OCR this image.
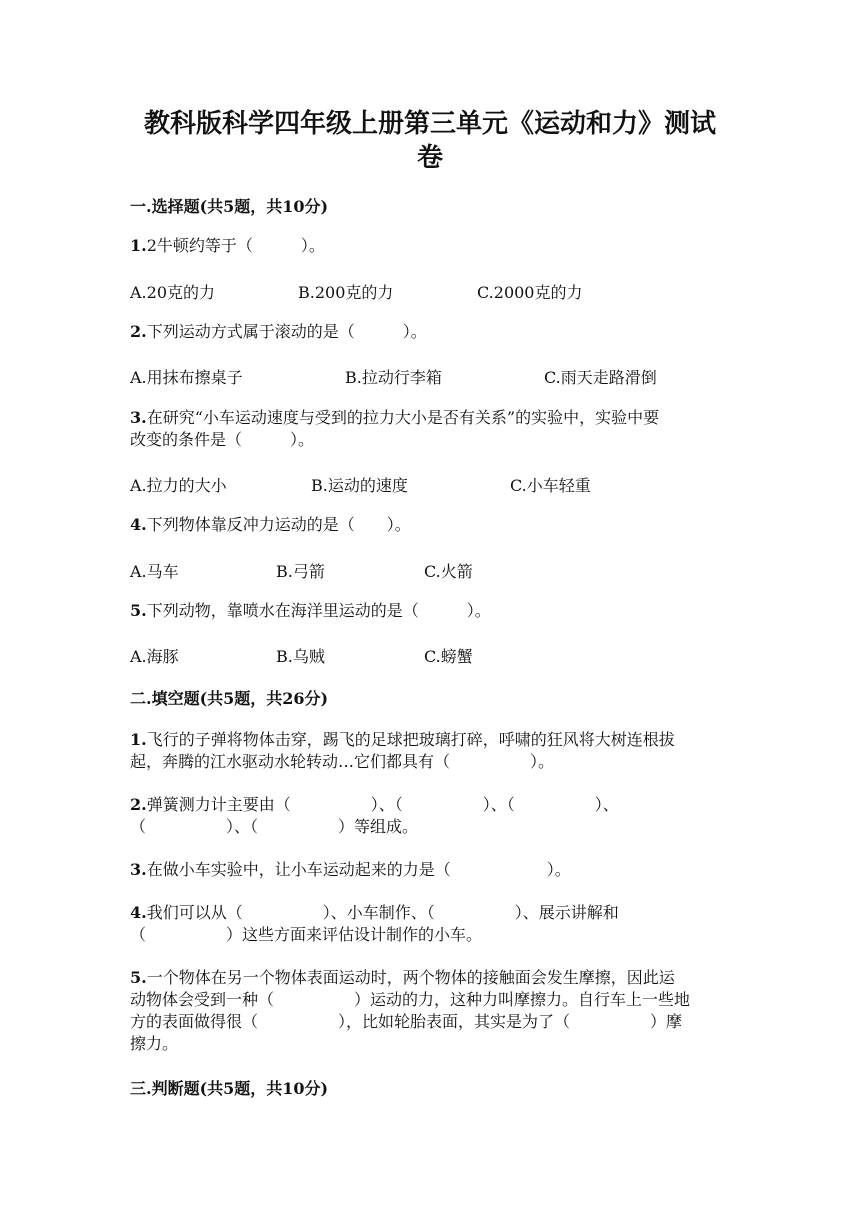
教科版科学四年级上册第三单元《运动和力》测试
卷
一.选择题(共5题，共10分)
1.2牛顿约等于（　　　）。
A.20克的力	B.200克的力	C.2000克的力
2.下列运动方式属于滚动的是（　　　）。
A.用抹布擦桌子	B.拉动行李箱	C.雨天走路滑倒
3.在研究“小车运动速度与受到的拉力大小是否有关系”的实验中，实验中要
改变的条件是（　　　）。
A.拉力的大小	B.运动的速度	C.小车轻重
4.下列物体靠反冲力运动的是（　　）。
A.马车	B.弓箭	C.火箭
5.下列动物，靠喷水在海洋里运动的是（　　　）。
A.海豚	B.乌贼	C.螃蟹
二.填空题(共5题，共26分)
1.飞行的子弹将物体击穿，踢飞的足球把玻璃打碎，呼啸的狂风将大树连根拔
起，奔腾的江水驱动水轮转动…它们都具有（　　　　　）。
2.弹簧测力计主要由（　　　　　）、（　　　　　）、（　　　　　）、
（　　　　　）、（　　　　　）等组成。
3.在做小车实验中，让小车运动起来的力是（　　　　　　）。
4.我们可以从（　　　　　）、小车制作、（　　　　　）、展示讲解和
（　　　　　）这些方面来评估设计制作的小车。
5.一个物体在另一个物体表面运动时，两个物体的接触面会发生摩擦，因此运
动物体会受到一种（　　　　　）运动的力，这种力叫摩擦力。自行车上一些地
方的表面做得很（　　　　　），比如轮胎表面，其实是为了（　　　　　）摩
擦力。
三.判断题(共5题，共10分)
